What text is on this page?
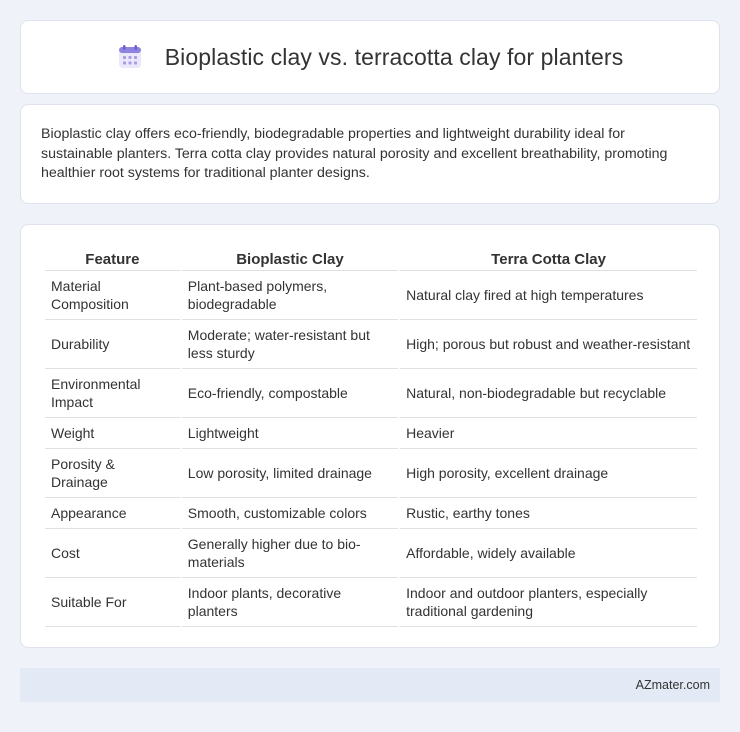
Bioplastic clay vs. terracotta clay for planters

Bioplastic clay offers eco-friendly, biodegradable properties and lightweight durability ideal for sustainable planters. Terra cotta clay provides natural porosity and excellent breathability, promoting healthier root systems for traditional planter designs.

Feature	Bioplastic Clay	Terra Cotta Clay
Material Composition	Plant-based polymers, biodegradable	Natural clay fired at high temperatures
Durability	Moderate; water-resistant but less sturdy	High; porous but robust and weather-resistant
Environmental Impact	Eco-friendly, compostable	Natural, non-biodegradable but recyclable
Weight	Lightweight	Heavier
Porosity & Drainage	Low porosity, limited drainage	High porosity, excellent drainage
Appearance	Smooth, customizable colors	Rustic, earthy tones
Cost	Generally higher due to bio-materials	Affordable, widely available
Suitable For	Indoor plants, decorative planters	Indoor and outdoor planters, especially traditional gardening
AZmater.com
